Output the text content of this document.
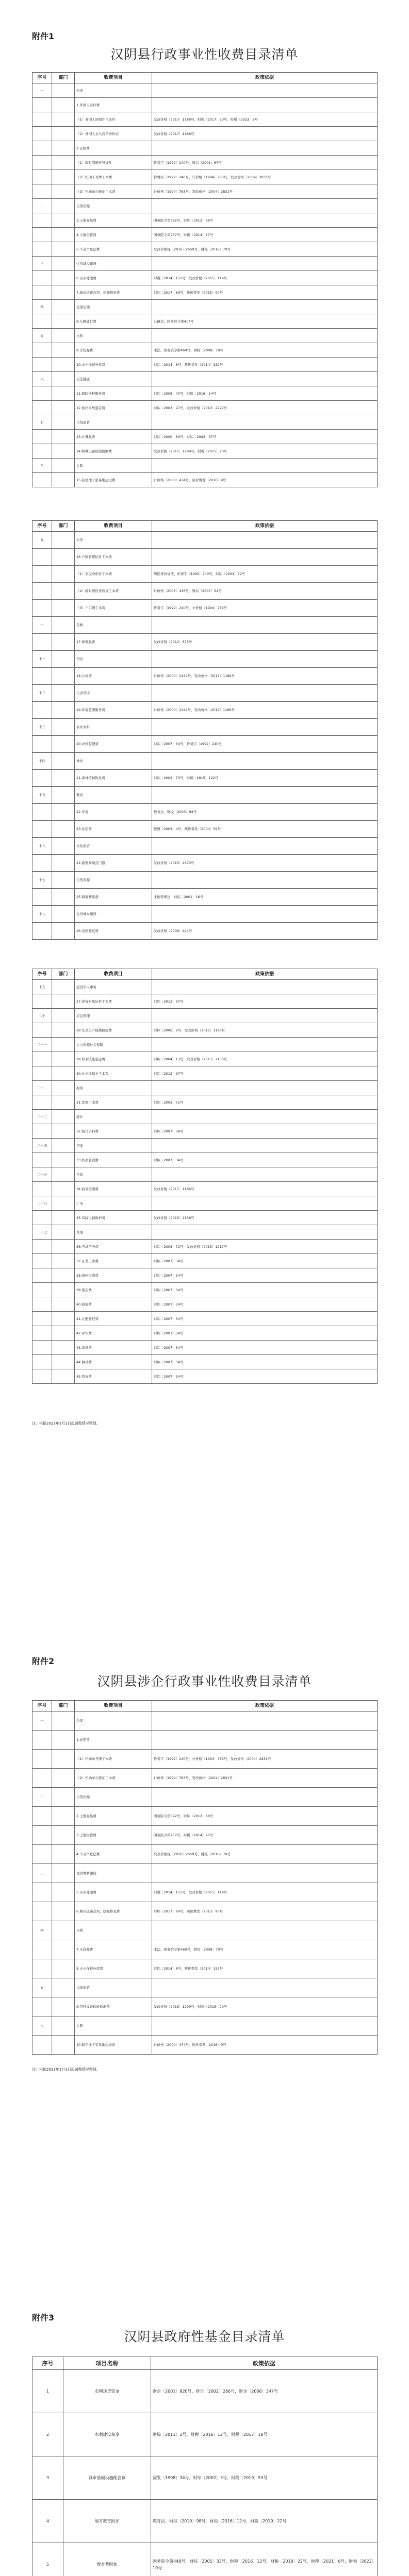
附件1
汉阴县行政事业性收费目录清单
序号	部门	收费项目	政策依据
一		公安	
		1.外国人证件费	
		（1）外国人居留许可证件	发改价格〔2017〕1186号，财税〔2017〕20号，财税〔2023〕8号
		（2）外国人永久居留身份证	发改价格〔2017〕1186号
		2.证照费	
		（1）临时驾驶许可证件	价费字〔1992〕240号，财综〔2001〕67号
		（2）机动车号牌工本费	价费字〔1992〕240号，计价格〔1994〕783号，发改价格〔2004〕2831号
		（3）机动车行驶证工本费	计价格〔1994〕783号，发改价格〔2004〕2831号
二		自然资源	
		3.土地复垦费	国务院令第592号，财综〔2012〕68号
		4.土地闲置费	国务院令第257号，财税〔2014〕77号
		5.不动产登记费	发改价格规〔2016〕2559号，财税〔2016〕79号
三		住房城乡建设	
		6.污水处理费	财税〔2014〕151号，发改价格〔2015〕119号
		7.城市道路占用、挖掘修复费	财综〔2017〕69号，陕价费发〔2015〕90号
四		交通运输	
		8.车辆通行费	公路法，国务院令第417号
五		水利	
		9.水资源费	水法，国务院令第460号，财综〔2008〕79号
		10.水土保持补偿费	财综〔2014〕8号，陕价费发〔2014〕132号
六		卫生健康	
		11.预防接种服务费	财综〔2008〕47号，财税〔2016〕14号
		12.医疗事故鉴定费	财综〔2003〕27号，发改价格〔2010〕2297号
七		市场监管	
		13.计量收费	财综〔2000〕89号，财综〔2002〕37号
		14.特种设备检验检测费	发改价格〔2015〕1299号，财税〔2015〕20号
八		人防	
		15.防空地下室易地建设费	计价格〔2000〕474号，陕价费发〔2016〕9号
序号	部门	收费项目	政策依据
九		公安	
		16.户籍管理证件工本费	
		（1）居民身份证工本费	居民身份证法，价费字〔1992〕240号，财综〔2003〕72号
		（2）临时居民身份证工本费	计价格〔2005〕436号，财综〔2007〕34号
		（3）户口簿工本费	价费字〔1992〕240号，计价格〔1994〕783号
十		民政	
		17.殡葬收费	发改价格〔2012〕673号
十一		司法	
		18.公证费	计价格〔2000〕1349号，发改价格〔2017〕1186号
十二		生态环境	
		19.环境监测服务费	计价格〔2000〕1349号，发改价格〔2017〕1186号
十三		农业农村	
		20.农机监理费	财综〔2007〕34号，价费字〔1992〕240号
十四		林业	
		21.森林植被恢复费	财综〔2002〕73号，财税〔2015〕122号
十五		教育	
		22.学费	教育法，财综〔2003〕94号
		23.住宿费	教财〔2003〕4号，陕价费发〔2004〕59号
十六		文化旅游	
		24.游览参观点门票	发改价格〔2015〕2673号
十七		自然资源	
		25.耕地开垦费	土地管理法，财综〔2001〕16号
十八		住房城乡建设	
		26.房屋登记费	发改价格〔2008〕924号
序号	部门	收费项目	政策依据
十九		退役军人事务	
		27.优抚对象证件工本费	财综〔2012〕97号
二十		应急管理	
		28.安全生产检测检验费	财综〔2006〕2号，发改价格〔2017〕1186号
二十一		人力资源社会保障	
		29.职业技能鉴定费	财综〔2004〕13号，发改价格〔2015〕2136号
		30.社会保障卡工本费	财综〔2012〕97号
二十二		税务	
		31.发票工本费	财综〔2003〕72号
二十三		统计	
		32.统计资料费	财综〔2007〕34号
二十四		档案	
		33.档案查询费	财综〔2007〕34号
二十五		气象	
		34.防雷检测费	发改价格〔2017〕1186号
二十六		广电	
		35.有线电视维护费	发改价格〔2015〕2136号
二十七		其他	
		36.考试考务费	财综〔2003〕72号，发改价格〔2015〕1217号
		37.证书工本费	财综〔2007〕34号
		38.资格审查费	财综〔2007〕34号
		39.鉴定费	财综〔2007〕34号
		40.检验费	财综〔2007〕34号
		41.注册登记费	财综〔2007〕34号
		42.评审费	财综〔2007〕34号
		43.培训费	财综〔2007〕34号
		44.测试费	财综〔2007〕34号
		45.咨询费	财综〔2007〕34号
注：根据2023年1月1日起调整情况整理。
附件2
汉阴县涉企行政事业性收费目录清单
序号	部门	收费项目	政策依据
一		公安	
		1.证照费	
		（1）机动车号牌工本费	价费字〔1992〕240号，计价格〔1994〕783号，发改价格〔2004〕2831号
		（2）机动车行驶证工本费	计价格〔1994〕783号，发改价格〔2004〕2831号
二		自然资源	
		2.土地复垦费	国务院令第592号，财综〔2012〕68号
		3.土地闲置费	国务院令第257号，财税〔2014〕77号
		4.不动产登记费	发改价格规〔2016〕2559号，财税〔2016〕79号
三		住房城乡建设	
		5.污水处理费	财税〔2014〕151号，发改价格〔2015〕119号
		6.城市道路占用、挖掘修复费	财综〔2017〕69号，陕价费发〔2015〕90号
四		水利	
		7.水资源费	水法，国务院令第460号，财综〔2008〕79号
		8.水土保持补偿费	财综〔2014〕8号，陕价费发〔2014〕132号
五		市场监管	
		9.特种设备检验检测费	发改价格〔2015〕1299号，财税〔2015〕20号
六		人防	
		10.防空地下室易地建设费	计价格〔2000〕474号，陕价费发〔2016〕9号
注：根据2023年1月1日起调整情况整理。
附件3
汉阴县政府性基金目录清单
序号	项目名称	政策依据
1	农网还贷资金	财企〔2001〕820号，财企〔2002〕266号，财企〔2006〕347号
2	水利建设基金	财综〔2011〕2号，财税〔2016〕12号，财税〔2017〕18号
3	城市基础设施配套费	国发〔1998〕34号，财综〔2002〕3号，财税〔2019〕53号
4	地方教育附加	教育法，财综〔2010〕98号，财税〔2016〕12号，财税〔2019〕22号
5	教育费附加	国务院令第448号，财综〔2005〕33号，财税〔2016〕12号，财税〔2019〕22号，财税〔2021〕6号，财税〔2022〕10号
